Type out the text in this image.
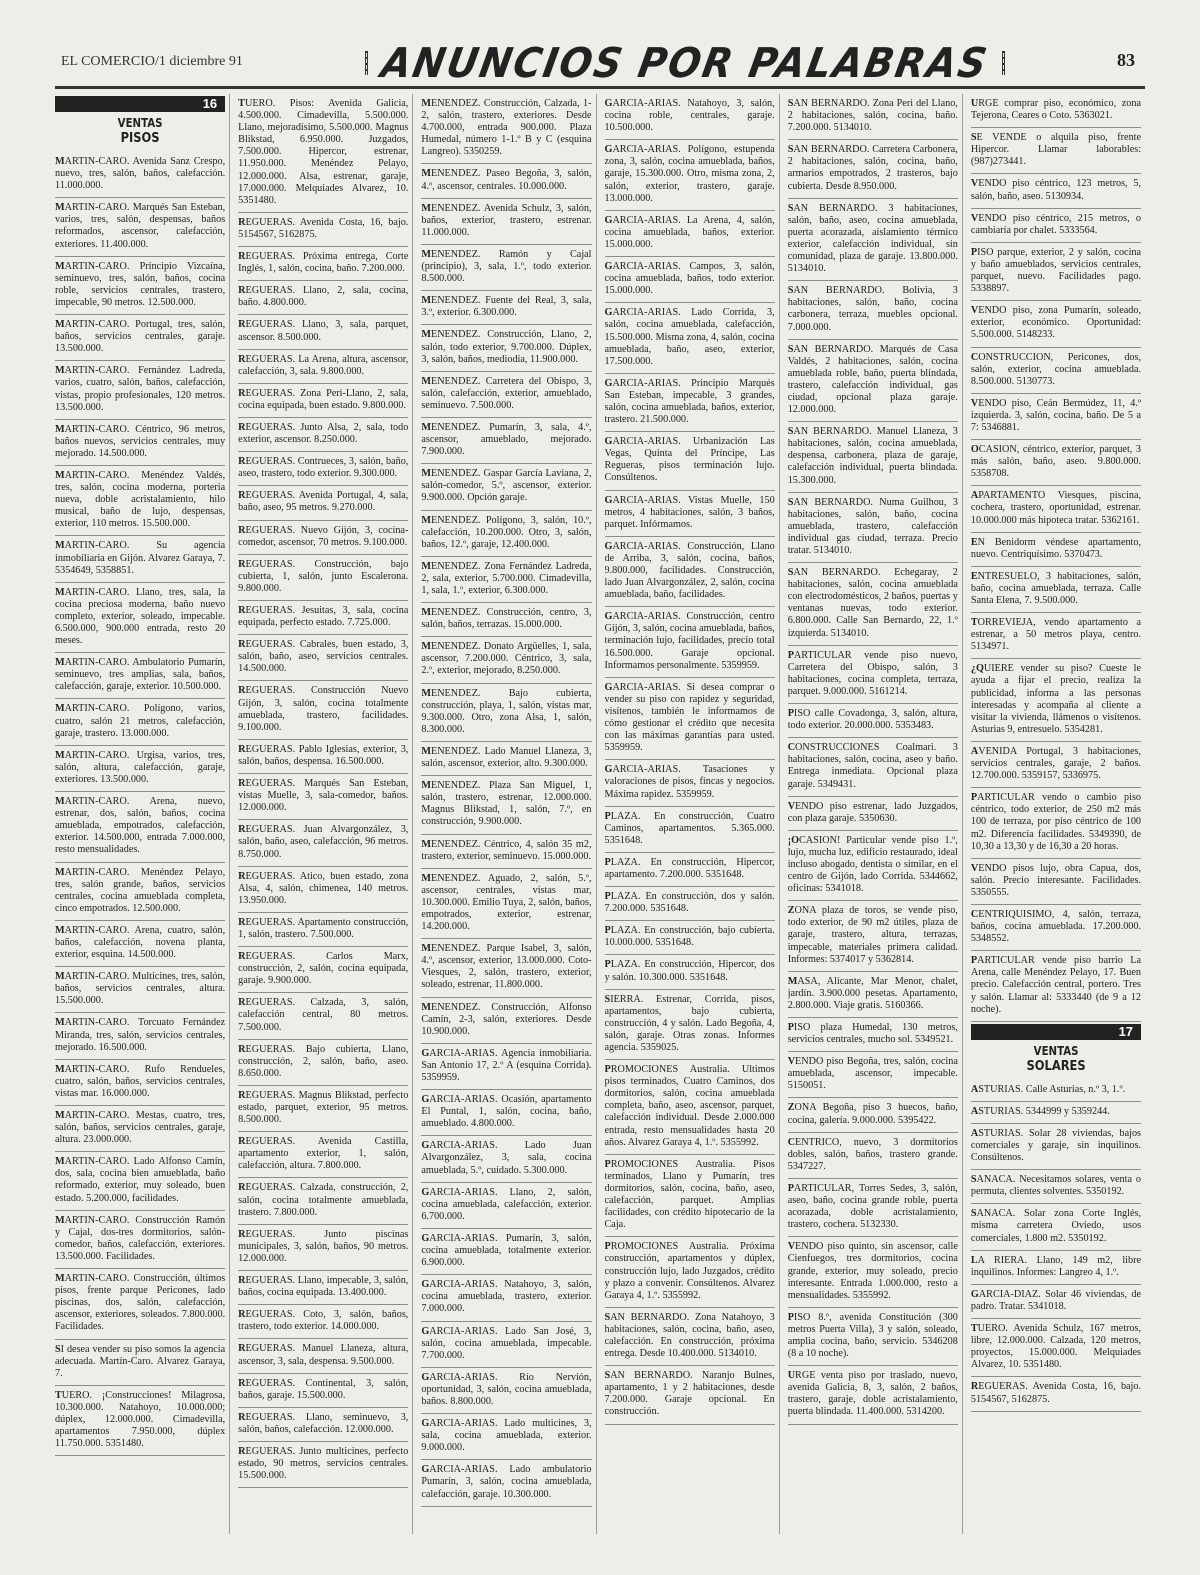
EL COMERCIO/1 diciembre 91	ANUNCIOS POR PALABRAS	83
16
VENTAS
PISOS

MARTIN-CARO. Avenida Sanz Crespo, nuevo, tres, salón, baños, calefacción. 11.000.000.

MARTIN-CARO. Marqués San Esteban, varios, tres, salón, despensas, baños reformados, ascensor, calefacción, exteriores. 11.400.000.

MARTIN-CARO. Principio Vizcaína, seminuevo, tres, salón, baños, cocina roble, servicios centrales, trastero, impecable, 90 metros. 12.500.000.

MARTIN-CARO. Portugal, tres, salón, baños, servicios centrales, garaje. 13.500.000.

MARTIN-CARO. Fernández Ladreda, varios, cuatro, salón, baños, calefacción, vistas, propio profesionales, 120 metros. 13.500.000.

MARTIN-CARO. Céntrico, 96 metros, baños nuevos, servicios centrales, muy mejorado. 14.500.000.

MARTIN-CARO. Menéndez Valdés, tres, salón, cocina moderna, portería nueva, doble acristalamiento, hilo musical, baño de lujo, despensas, exterior, 110 metros. 15.500.000.

MARTIN-CARO. Su agencia inmobiliaria en Gijón. Alvarez Garaya, 7. 5354649, 5358851.

MARTIN-CARO. Llano, tres, sala, la cocina preciosa moderna, baño nuevo completo, exterior, soleado, impecable. 6.500.000, 900.000 entrada, resto 20 meses.

MARTIN-CARO. Ambulatorio Pumarín, seminuevo, tres amplias, sala, baños, calefacción, garaje, exterior. 10.500.000.

MARTIN-CARO. Polígono, varios, cuatro, salón 21 metros, calefacción, garaje, trastero. 13.000.000.

MARTIN-CARO. Urgisa, varios, tres, salón, altura, calefacción, garaje, exteriores. 13.500.000.

MARTIN-CARO. Arena, nuevo, estrenar, dos, salón, baños, cocina amueblada, empotrados, calefacción, exterior. 14.500.000, entrada 7.000.000, resto mensualidades.

MARTIN-CARO. Menéndez Pelayo, tres, salón grande, baños, servicios centrales, cocina amueblada completa, cinco empotrados. 12.500.000.

MARTIN-CARO. Arena, cuatro, salón, baños, calefacción, novena planta, exterior, esquina. 14.500.000.

MARTIN-CARO. Multicines, tres, salón, baños, servicios centrales, altura. 15.500.000.

MARTIN-CARO. Torcuato Fernández Miranda, tres, salón, servicios centrales, mejorado. 16.500.000.

MARTIN-CARO. Rufo Rendueles, cuatro, salón, baños, servicios centrales, vistas mar. 16.000.000.

MARTIN-CARO. Mestas, cuatro, tres, salón, baños, servicios centrales, garaje, altura. 23.000.000.

MARTIN-CARO. Lado Alfonso Camín, dos, sala, cocina bien amueblada, baño reformado, exterior, muy soleado, buen estado. 5.200.000, facilidades.

MARTIN-CARO. Construcción Ramón y Cajal, dos-tres dormitorios, salón-comedor, baños, calefacción, exteriores. 13.500.000. Facilidades.

MARTIN-CARO. Construcción, últimos pisos, frente parque Pericones, lado piscinas, dos, salón, calefacción, ascensor, exteriores, soleados. 7.800.000. Facilidades.

SI desea vender su piso somos la agencia adecuada. Martín-Caro. Alvarez Garaya, 7.

TUERO. ¡Construcciones! Milagrosa, 10.300.000. Natahoyo, 10.000.000; dúplex, 12.000.000. Cimadevilla, apartamentos 7.950.000, dúplex 11.750.000. 5351480.

TUERO. Pisos: Avenida Galicia, 4.500.000. Cimadevilla, 5.500.000. Llano, mejoradísimo, 5.500.000. Magnus Blikstad, 6.950.000. Juzgados, 7.500.000. Hipercor, estrenar, 11.950.000. Menéndez Pelayo, 12.000.000. Alsa, estrenar, garaje, 17.000.000. Melquiades Alvarez, 10. 5351480.

REGUERAS. Avenida Costa, 16, bajo. 5154567, 5162875.

REGUERAS. Próxima entrega, Corte Inglés, 1, salón, cocina, baño. 7.200.000.

REGUERAS. Llano, 2, sala, cocina, baño. 4.800.000.

REGUERAS. Llano, 3, sala, parquet, ascensor. 8.500.000.

REGUERAS. La Arena, altura, ascensor, calefacción, 3, sala. 9.800.000.

REGUERAS. Zona Peri-Llano, 2, sala, cocina equipada, buen estado. 9.800.000.

REGUERAS. Junto Alsa, 2, sala, todo exterior, ascensor. 8.250.000.

REGUERAS. Contrueces, 3, salón, baño, aseo, trastero, todo exterior. 9.300.000.

REGUERAS. Avenida Portugal, 4, sala, baño, aseo, 95 metros. 9.270.000.

REGUERAS. Nuevo Gijón, 3, cocina-comedor, ascensor, 70 metros. 9.100.000.

REGUERAS. Construcción, bajo cubierta, 1, salón, junto Escalerona. 9.800.000.

REGUERAS. Jesuitas, 3, sala, cocina equipada, perfecto estado. 7.725.000.

REGUERAS. Cabrales, buen estado, 3, salón, baño, aseo, servicios centrales. 14.500.000.

REGUERAS. Construcción Nuevo Gijón, 3, salón, cocina totalmente amueblada, trastero, facilidades. 9.100.000.

REGUERAS. Pablo Iglesias, exterior, 3, salón, baños, despensa. 16.500.000.

REGUERAS. Marqués San Esteban, vistas Muelle, 3, sala-comedor, baños. 12.000.000.

REGUERAS. Juan Alvargonzález, 3, salón, baño, aseo, calefacción, 96 metros. 8.750.000.

REGUERAS. Atico, buen estado, zona Alsa, 4, salón, chimenea, 140 metros. 13.950.000.

REGUERAS. Apartamento construcción, 1, salón, trastero. 7.500.000.

REGUERAS. Carlos Marx, construcción, 2, salón, cocina equipada, garaje. 9.900.000.

REGUERAS. Calzada, 3, salón, calefacción central, 80 metros. 7.500.000.

REGUERAS. Bajo cubierta, Llano, construcción, 2, salón, baño, aseo. 8.650.000.

REGUERAS. Magnus Blikstad, perfecto estado, parquet, exterior, 95 metros. 8.500.000.

REGUERAS. Avenida Castilla, apartamento exterior, 1, salón, calefacción, altura. 7.800.000.

REGUERAS. Calzada, construcción, 2, salón, cocina totalmente amueblada, trastero. 7.800.000.

REGUERAS. Junto piscinas municipales, 3, salón, baños, 90 metros. 12.000.000.

REGUERAS. Llano, impecable, 3, salón, baños, cocina equipada. 13.400.000.

REGUERAS. Coto, 3, salón, baños, trastero, todo exterior. 14.000.000.

REGUERAS. Manuel Llaneza, altura, ascensor, 3, sala, despensa. 9.500.000.

REGUERAS. Continental, 3, salón, baños, garaje. 15.500.000.

REGUERAS. Llano, seminuevo, 3, salón, baños, calefacción. 12.000.000.

REGUERAS. Junto multicines, perfecto estado, 90 metros, servicios centrales. 15.500.000.

MENENDEZ. Construcción, Calzada, 1-2, salón, trastero, exteriores. Desde 4.700.000, entrada 900.000. Plaza Humedal, número 1-1.º B y C (esquina Langreo). 5350259.

MENENDEZ. Paseo Begoña, 3, salón, 4.º, ascensor, centrales. 10.000.000.

MENENDEZ. Avenida Schulz, 3, salón, baños, exterior, trastero, estrenar. 11.000.000.

MENENDEZ. Ramón y Cajal (principio), 3, sala, 1.º, todo exterior. 8.500.000.

MENENDEZ. Fuente del Real, 3, sala, 3.º, exterior. 6.300.000.

MENENDEZ. Construcción, Llano, 2, salón, todo exterior, 9.700.000. Dúplex, 3, salón, baños, mediodía, 11.900.000.

MENENDEZ. Carretera del Obispo, 3, salón, calefacción, exterior, amueblado, seminuevo. 7.500.000.

MENENDEZ. Pumarín, 3, sala, 4.º, ascensor, amueblado, mejorado. 7.900.000.

MENENDEZ. Gaspar García Laviana, 2, salón-comedor, 5.º, ascensor, exterior. 9.900.000. Opción garaje.

MENENDEZ. Polígono, 3, salón, 10.º, calefacción, 10.200.000. Otro, 3, salón, baños, 12.º, garaje, 12.400.000.

MENENDEZ. Zona Fernández Ladreda, 2, sala, exterior, 5.700.000. Cimadevilla, 1, sala, 1.º, exterior, 6.300.000.

MENENDEZ. Construcción, centro, 3, salón, baños, terrazas. 15.000.000.

MENENDEZ. Donato Argüelles, 1, sala, ascensor, 7.200.000. Céntrico, 3, sala, 2.º, exterior, mejorado, 8.250.000.

MENENDEZ. Bajo cubierta, construcción, playa, 1, salón, vistas mar, 9.300.000. Otro, zona Alsa, 1, salón, 8.300.000.

MENENDEZ. Lado Manuel Llaneza, 3, salón, ascensor, exterior, alto. 9.300.000.

MENENDEZ. Plaza San Miguel, 1, salón, trastero, estrenar, 12.000.000. Magnus Blikstad, 1, salón, 7.º, en construcción, 9.900.000.

MENENDEZ. Céntrico, 4, salón 35 m2, trastero, exterior, seminuevo. 15.000.000.

MENENDEZ. Aguado, 2, salón, 5.º, ascensor, centrales, vistas mar, 10.300.000. Emilio Tuya, 2, salón, baños, empotrados, exterior, estrenar, 14.200.000.

MENENDEZ. Parque Isabel, 3, salón, 4.º, ascensor, exterior, 13.000.000. Coto-Viesques, 2, salón, trastero, exterior, soleado, estrenar, 11.800.000.

MENENDEZ. Construcción, Alfonso Camín, 2-3, salón, exteriores. Desde 10.900.000.

GARCIA-ARIAS. Agencia inmobiliaria. San Antonio 17, 2.º A (esquina Corrida). 5359959.

GARCIA-ARIAS. Ocasión, apartamento El Puntal, 1, salón, cocina, baño, amueblado. 4.800.000.

GARCIA-ARIAS. Lado Juan Alvargonzález, 3, sala, cocina amueblada, 5.º, cuidado. 5.300.000.

GARCIA-ARIAS. Llano, 2, salón, cocina amueblada, calefacción, exterior. 6.700.000.

GARCIA-ARIAS. Pumarín, 3, salón, cocina amueblada, totalmente exterior. 6.900.000.

GARCIA-ARIAS. Natahoyo, 3, salón, cocina amueblada, trastero, exterior. 7.000.000.

GARCIA-ARIAS. Lado San José, 3, salón, cocina amueblada, impecable. 7.700.000.

GARCIA-ARIAS. Río Nervión, oportunidad, 3, salón, cocina amueblada, baños. 8.800.000.

GARCIA-ARIAS. Lado multicines, 3, sala, cocina amueblada, exterior. 9.000.000.

GARCIA-ARIAS. Lado ambulatorio Pumarín, 3, salón, cocina amueblada, calefacción, garaje. 10.300.000.

GARCIA-ARIAS. Natahoyo, 3, salón, cocina roble, centrales, garaje. 10.500.000.

GARCIA-ARIAS. Polígono, estupenda zona, 3, salón, cocina amueblada, baños, garaje, 15.300.000. Otro, misma zona, 2, salón, exterior, trastero, garaje. 13.000.000.

GARCIA-ARIAS. La Arena, 4, salón, cocina amueblada, baños, exterior. 15.000.000.

GARCIA-ARIAS. Campos, 3, salón, cocina amueblada, baños, todo exterior. 15.000.000.

GARCIA-ARIAS. Lado Corrida, 3, salón, cocina amueblada, calefacción, 15.500.000. Misma zona, 4, salón, cocina amueblada, baño, aseo, exterior, 17.500.000.

GARCIA-ARIAS. Principio Marqués San Esteban, impecable, 3 grandes, salón, cocina amueblada, baños, exterior, trastero. 21.500.000.

GARCIA-ARIAS. Urbanización Las Vegas, Quinta del Príncipe, Las Regueras, pisos terminación lujo. Consúltenos.

GARCIA-ARIAS. Vistas Muelle, 150 metros, 4 habitaciones, salón, 3 baños, parquet. Infórmamos.

GARCIA-ARIAS. Construcción, Llano de Arriba, 3, salón, cocina, baños, 9.800.000, facilidades. Construcción, lado Juan Alvargonzález, 2, salón, cocina amueblada, baño, facilidades.

GARCIA-ARIAS. Construcción, centro Gijón, 3, salón, cocina amueblada, baños, terminación lujo, facilidades, precio total 16.500.000. Garaje opcional. Informamos personalmente. 5359959.

GARCIA-ARIAS. Si desea comprar o vender su piso con rapidez y seguridad, visítenos, también le informamos de cómo gestionar el crédito que necesita con las máximas garantías para usted. 5359959.

GARCIA-ARIAS. Tasaciones y valoraciones de pisos, fincas y negocios. Máxima rapidez. 5359959.

PLAZA. En construcción, Cuatro Caminos, apartamentos. 5.365.000. 5351648.

PLAZA. En construcción, Hipercor, apartamento. 7.200.000. 5351648.

PLAZA. En construcción, dos y salón. 7.200.000. 5351648.

PLAZA. En construcción, bajo cubierta. 10.000.000. 5351648.

PLAZA. En construcción, Hipercor, dos y salón. 10.300.000. 5351648.

SIERRA. Estrenar, Corrida, pisos, apartamentos, bajo cubierta, construcción, 4 y salón. Lado Begoña, 4, salón, garaje. Otras zonas. Informes agencia. 5359025.

PROMOCIONES Australia. Ultimos pisos terminados, Cuatro Caminos, dos dormitorios, salón, cocina amueblada completa, baño, aseo, ascensor, parquet, calefacción individual. Desde 2.000.000 entrada, resto mensualidades hasta 20 años. Alvarez Garaya 4, 1.º. 5355992.

PROMOCIONES Australia. Pisos terminados, Llano y Pumarín, tres dormitorios, salón, cocina, baño, aseo, calefacción, parquet. Amplias facilidades, con crédito hipotecario de la Caja.

PROMOCIONES Australia. Próxima construcción, apartamentos y dúplex, construcción lujo, lado Juzgados, crédito y plazo a convenir. Consúltenos. Alvarez Garaya 4, 1.º. 5355992.

SAN BERNARDO. Zona Natahoyo, 3 habitaciones, salón, cocina, baño, aseo, calefacción. En construcción, próxima entrega. Desde 10.400.000. 5134010.

SAN BERNARDO. Naranjo Bulnes, apartamento, 1 y 2 habitaciones, desde 7.200.000. Garaje opcional. En construcción.

SAN BERNARDO. Zona Peri del Llano, 2 habitaciones, salón, cocina, baño. 7.200.000. 5134010.

SAN BERNARDO. Carretera Carbonera, 2 habitaciones, salón, cocina, baño, armarios empotrados, 2 trasteros, bajo cubierta. Desde 8.950.000.

SAN BERNARDO. 3 habitaciones, salón, baño, aseo, cocina amueblada, puerta acorazada, aislamiento térmico exterior, calefacción individual, sin comunidad, plaza de garaje. 13.800.000. 5134010.

SAN BERNARDO. Bolivia, 3 habitaciones, salón, baño, cocina carbonera, terraza, muebles opcional. 7.000.000.

SAN BERNARDO. Marqués de Casa Valdés, 2 habitaciones, salón, cocina amueblada roble, baño, puerta blindada, trastero, calefacción individual, gas ciudad, opcional plaza garaje. 12.000.000.

SAN BERNARDO. Manuel Llaneza, 3 habitaciones, salón, cocina amueblada, despensa, carbonera, plaza de garaje, calefacción individual, puerta blindada. 15.300.000.

SAN BERNARDO. Numa Guilhou, 3 habitaciones, salón, baño, cocina amueblada, trastero, calefacción individual gas ciudad, terraza. Precio tratar. 5134010.

SAN BERNARDO. Echegaray, 2 habitaciones, salón, cocina amueblada con electrodomésticos, 2 baños, puertas y ventanas nuevas, todo exterior. 6.800.000. Calle San Bernardo, 22, 1.º izquierda. 5134010.

PARTICULAR vende piso nuevo, Carretera del Obispo, salón, 3 habitaciones, cocina completa, terraza, parquet. 9.000.000. 5161214.

PISO calle Covadonga, 3, salón, altura, todo exterior. 20.000.000. 5353483.

CONSTRUCCIONES Coalmari. 3 habitaciones, salón, cocina, aseo y baño. Entrega inmediata. Opcional plaza garaje. 5349431.

VENDO piso estrenar, lado Juzgados, con plaza garaje. 5350630.

¡OCASION! Particular vende piso 1.º, lujo, mucha luz, edificio restaurado, ideal incluso abogado, dentista o similar, en el centro de Gijón, lado Corrida. 5344662, oficinas: 5341018.

ZONA plaza de toros, se vende piso, todo exterior, de 90 m2 útiles, plaza de garaje, trastero, altura, terrazas, impecable, materiales primera calidad. Informes: 5374017 y 5362814.

MASA, Alicante, Mar Menor, chalet, jardín. 3.900.000 pesetas. Apartamento, 2.800.000. Viaje gratis. 5160366.

PISO plaza Humedal, 130 metros, servicios centrales, mucho sol. 5349521.

VENDO piso Begoña, tres, salón, cocina amueblada, ascensor, impecable. 5150051.

ZONA Begoña, piso 3 huecos, baño, cocina, galería. 9.000.000. 5395422.

CENTRICO, nuevo, 3 dormitorios dobles, salón, baños, trastero grande. 5347227.

PARTICULAR, Torres Sedes, 3, salón, aseo, baño, cocina grande roble, puerta acorazada, doble acristalamiento, trastero, cochera. 5132330.

VENDO piso quinto, sin ascensor, calle Cienfuegos, tres dormitorios, cocina grande, exterior, muy soleado, precio interesante. Entrada 1.000.000, resto a mensualidades. 5355992.

PISO 8.º, avenida Constitución (300 metros Puerta Villa), 3 y salón, soleado, amplia cocina, baño, servicio. 5346208 (8 a 10 noche).

URGE venta piso por traslado, nuevo, avenida Galicia, 8, 3, salón, 2 baños, trastero, garaje, doble acristalamiento, puerta blindada. 11.400.000. 5314200.

URGE comprar piso, económico, zona Tejerona, Ceares o Coto. 5363021.

SE VENDE o alquila piso, frente Hipercor. Llamar laborables: (987)273441.

VENDO piso céntrico, 123 metros, 5, salón, baño, aseo. 5130934.

VENDO piso céntrico, 215 metros, o cambiaría por chalet. 5333564.

PISO parque, exterior, 2 y salón, cocina y baño amueblados, servicios centrales, parquet, nuevo. Facilidades pago. 5338897.

VENDO piso, zona Pumarín, soleado, exterior, económico. Oportunidad: 5.500.000. 5148233.

CONSTRUCCION, Pericones, dos, salón, exterior, cocina amueblada. 8.500.000. 5130773.

VENDO piso, Ceán Bermúdez, 11, 4.º izquierda. 3, salón, cocina, baño. De 5 a 7: 5346881.

OCASION, céntrico, exterior, parquet, 3 más salón, baño, aseo. 9.800.000. 5358708.

APARTAMENTO Viesques, piscina, cochera, trastero, oportunidad, estrenar. 10.000.000 más hipoteca tratar. 5362161.

EN Benidorm véndese apartamento, nuevo. Centriquísimo. 5370473.

ENTRESUELO, 3 habitaciones, salón, baño, cocina amueblada, terraza. Calle Santa Elena, 7. 9.500.000.

TORREVIEJA, vendo apartamento a estrenar, a 50 metros playa, centro. 5134971.

¿QUIERE vender su piso? Cueste le ayuda a fijar el precio, realiza la publicidad, informa a las personas interesadas y acompaña al cliente a visitar la vivienda, llámenos o visítenos. Asturias 9, entresuelo. 5354281.

AVENIDA Portugal, 3 habitaciones, servicios centrales, garaje, 2 baños. 12.700.000. 5359157, 5336975.

PARTICULAR vendo o cambio piso céntrico, todo exterior, de 250 m2 más 100 de terraza, por piso céntrico de 100 m2. Diferencia facilidades. 5349390, de 10,30 a 13,30 y de 16,30 a 20 horas.

VENDO pisos lujo, obra Capua, dos, salón. Precio interesante. Facilidades. 5350555.

CENTRIQUISIMO, 4, salón, terraza, baños, cocina amueblada. 17.200.000. 5348552.

PARTICULAR vende piso barrio La Arena, calle Menéndez Pelayo, 17. Buen precio. Calefacción central, portero. Tres y salón. Llamar al: 5333440 (de 9 a 12 noche).

17
VENTAS
SOLARES

ASTURIAS. Calle Asturias, n.º 3, 1.º.

ASTURIAS. 5344999 y 5359244.

ASTURIAS. Solar 28 viviendas, bajos comerciales y garaje, sin inquilinos. Consúltenos.

SANACA. Necesitamos solares, venta o permuta, clientes solventes. 5350192.

SANACA. Solar zona Corte Inglés, misma carretera Oviedo, usos comerciales, 1.800 m2. 5350192.

LA RIERA. Llano, 149 m2, libre inquilinos. Informes: Langreo 4, 1.º.

GARCIA-DIAZ. Solar 46 viviendas, de padro. Tratar. 5341018.

TUERO. Avenida Schulz, 167 metros, libre, 12.000.000. Calzada, 120 metros, proyectos, 15.000.000. Melquiades Alvarez, 10. 5351480.

REGUERAS. Avenida Costa, 16, bajo. 5154567, 5162875.
